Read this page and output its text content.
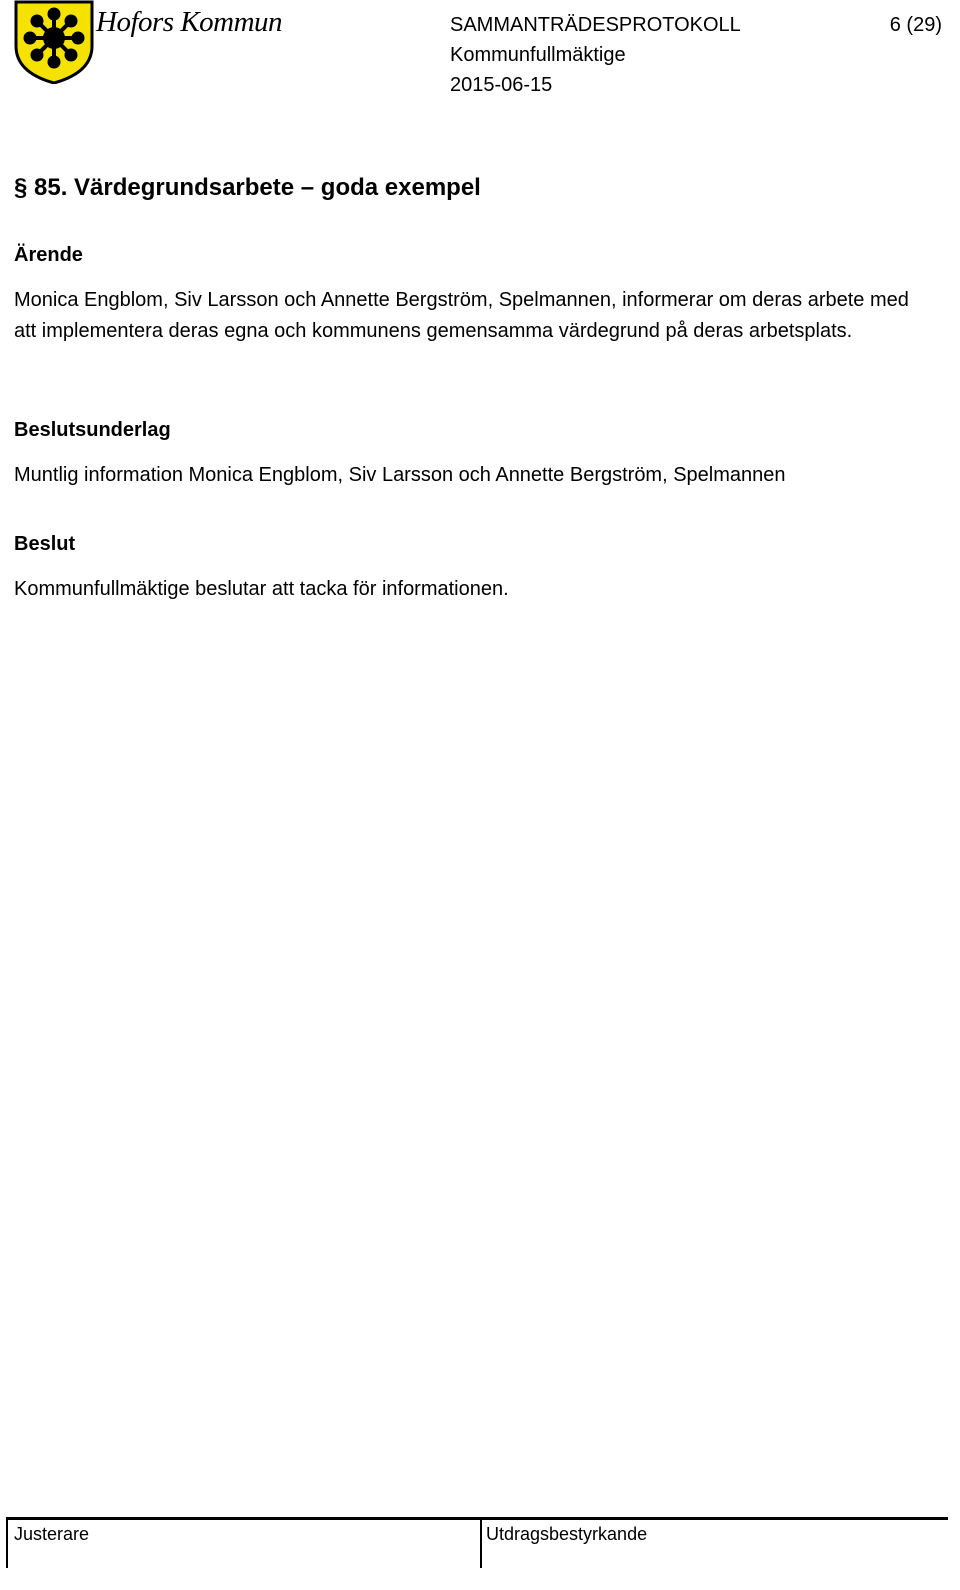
Hofors Kommun	SAMMANTRÄDESPROTOKOLL	6 (29)
Kommunfullmäktige
2015-06-15
§ 85. Värdegrundsarbete – goda exempel
Ärende
Monica Engblom, Siv Larsson och Annette Bergström, Spelmannen, informerar om deras arbete med att implementera deras egna och kommunens gemensamma värdegrund på deras arbetsplats.
Beslutsunderlag
Muntlig information Monica Engblom, Siv Larsson och Annette Bergström, Spelmannen
Beslut
Kommunfullmäktige beslutar att tacka för informationen.
Justerare	Utdragsbestyrkande
